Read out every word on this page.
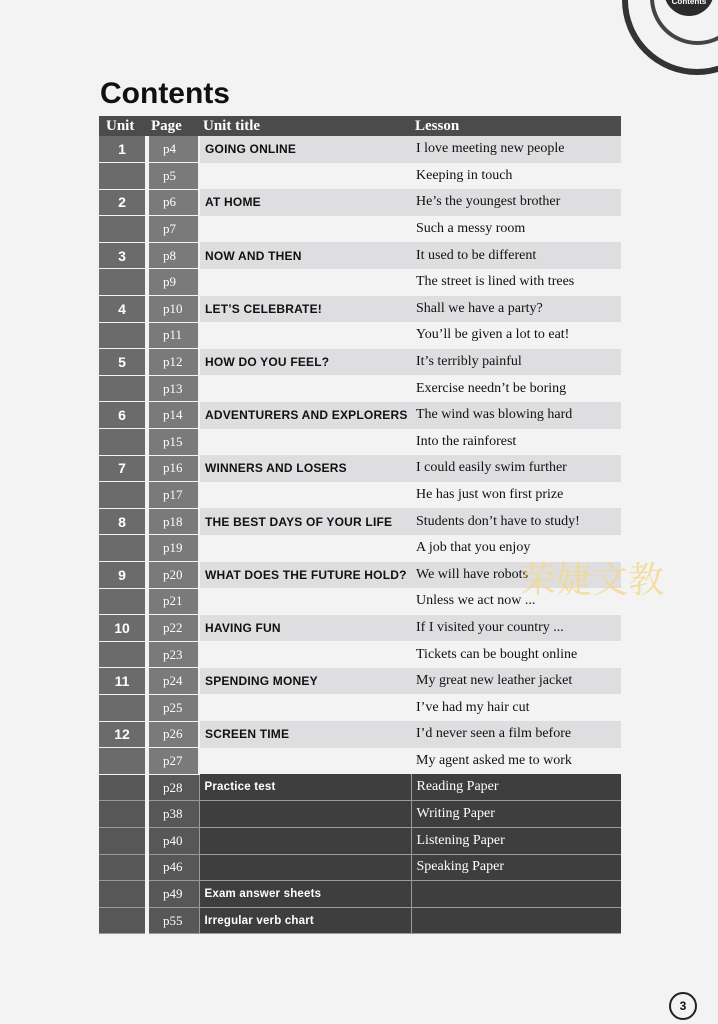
Contents
Contents
Unit	Page	Unit title	Lesson
1	p4	GOING ONLINE	I love meeting new people
	p5		Keeping in touch
2	p6	AT HOME	He’s the youngest brother
	p7		Such a messy room
3	p8	NOW AND THEN	It used to be different
	p9		The street is lined with trees
4	p10	LET’S CELEBRATE!	Shall we have a party?
	p11		You’ll be given a lot to eat!
5	p12	HOW DO YOU FEEL?	It’s terribly painful
	p13		Exercise needn’t be boring
6	p14	ADVENTURERS AND EXPLORERS	The wind was blowing hard
	p15		Into the rainforest
7	p16	WINNERS AND LOSERS	I could easily swim further
	p17		He has just won first prize
8	p18	THE BEST DAYS OF YOUR LIFE	Students don’t have to study!
	p19		A job that you enjoy
9	p20	WHAT DOES THE FUTURE HOLD?	We will have robots
	p21		Unless we act now ...
10	p22	HAVING FUN	If I visited your country ...
	p23		Tickets can be bought online
11	p24	SPENDING MONEY	My great new leather jacket
	p25		I’ve had my hair cut
12	p26	SCREEN TIME	I’d never seen a film before
	p27		My agent asked me to work
	p28	Practice test	Reading Paper
	p38		Writing Paper
	p40		Listening Paper
	p46		Speaking Paper
	p49	Exam answer sheets	
	p55	Irregular verb chart	
荣婕文教
3
